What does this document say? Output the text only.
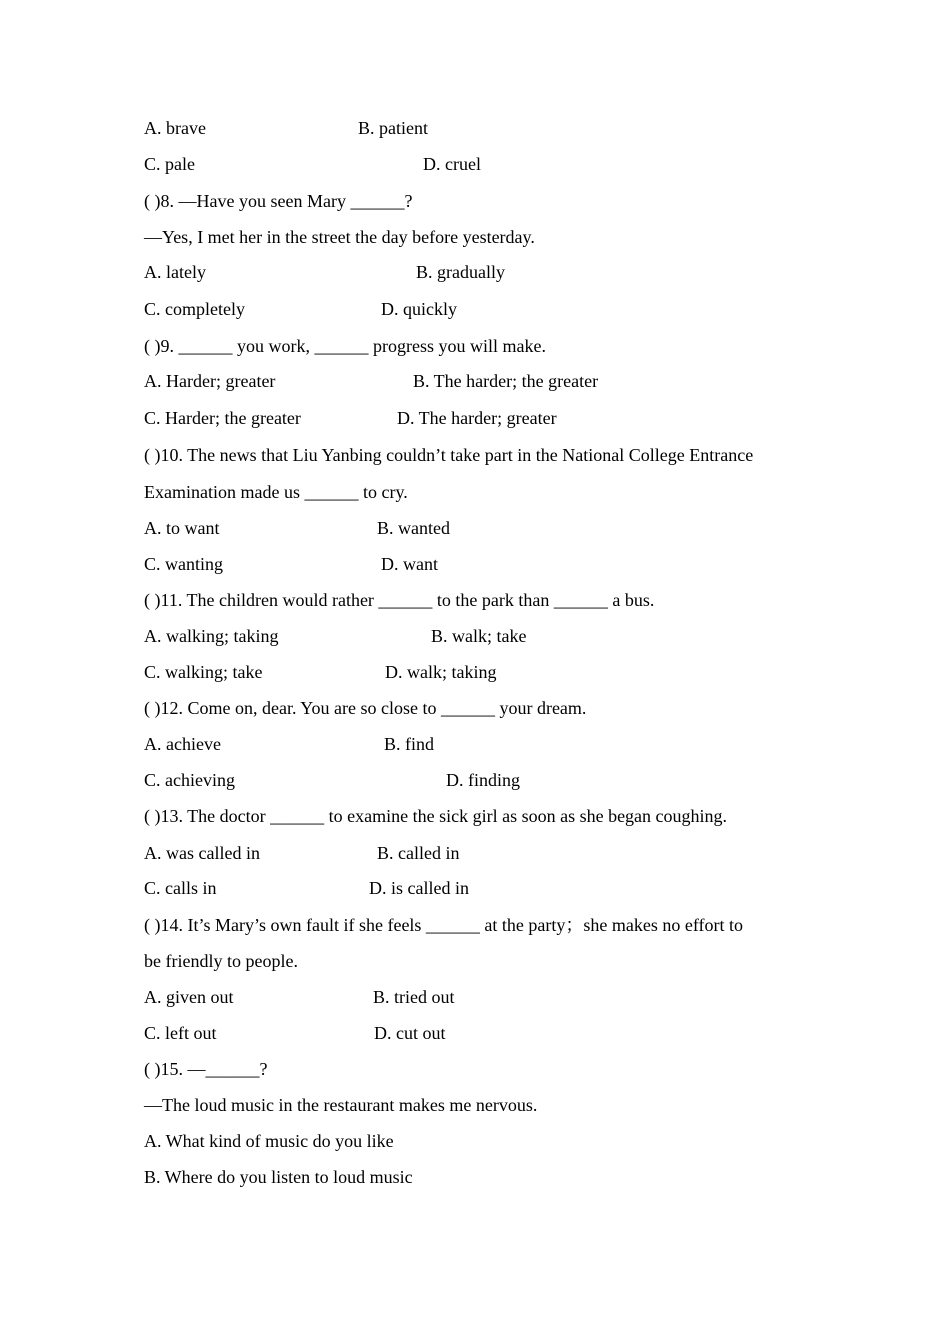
A. brave	B. patient
C. pale	D. cruel
( )8. —Have you seen Mary ______?
—Yes, I met her in the street the day before yesterday.
A. lately	B. gradually
C. completely	D. quickly
( )9. ______ you work, ______ progress you will make.
A. Harder; greater	B. The harder; the greater
C. Harder; the greater	D. The harder; greater
( )10. The news that Liu Yanbing couldn’t take part in the National College Entrance
Examination made us ______ to cry.
A. to want	B. wanted
C. wanting	D. want
( )11. The children would rather ______ to the park than ______ a bus.
A. walking; taking	B. walk; take
C. walking; take	D. walk; taking
( )12. Come on, dear. You are so close to ______ your dream.
A. achieve	B. find
C. achieving	D. finding
( )13. The doctor ______ to examine the sick girl as soon as she began coughing.
A. was called in	B. called in
C. calls in	D. is called in
( )14. It’s Mary’s own fault if she feels ______ at the party；she makes no effort to
be friendly to people.
A. given out	B. tried out
C. left out	D. cut out
( )15. —______?
—The loud music in the restaurant makes me nervous.
A. What kind of music do you like
B. Where do you listen to loud music
